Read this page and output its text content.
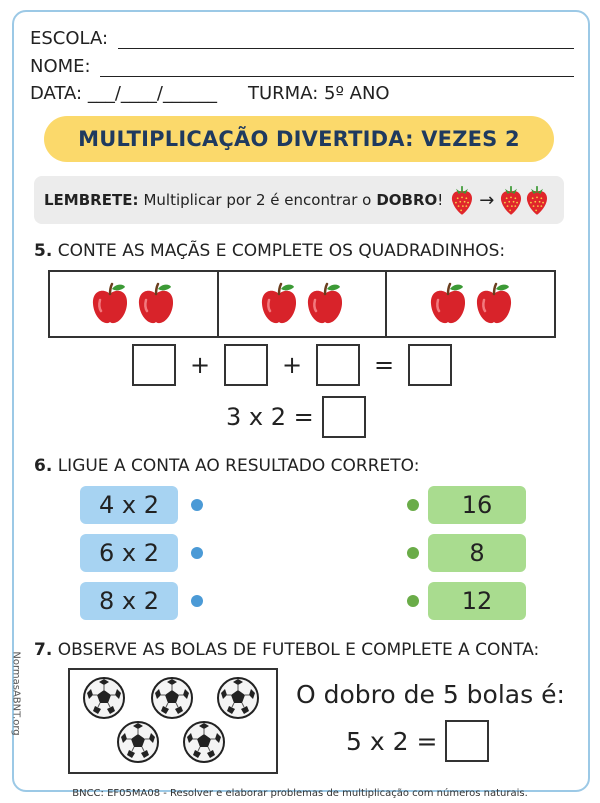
ESCOLA:
NOME:
DATA: ___/____/______ TURMA: 5º ANO
MULTIPLICAÇÃO DIVERTIDA: VEZES 2
LEMBRETE: Multiplicar por 2 é encontrar o DOBRO ! →
5. CONTE AS MAÇÃS E COMPLETE OS QUADRADINHOS:
+	+	=
3 x 2 =
6. LIGUE A CONTA AO RESULTADO CORRETO:
4 x 2
6 x 2
8 x 2
16
8
12
7. OBSERVE AS BOLAS DE FUTEBOL E COMPLETE A CONTA:
O dobro de 5 bolas é:
5 x 2 =
NormasABNT.org
BNCC: EF05MA08 - Resolver e elaborar problemas de multiplicação com números naturais.
